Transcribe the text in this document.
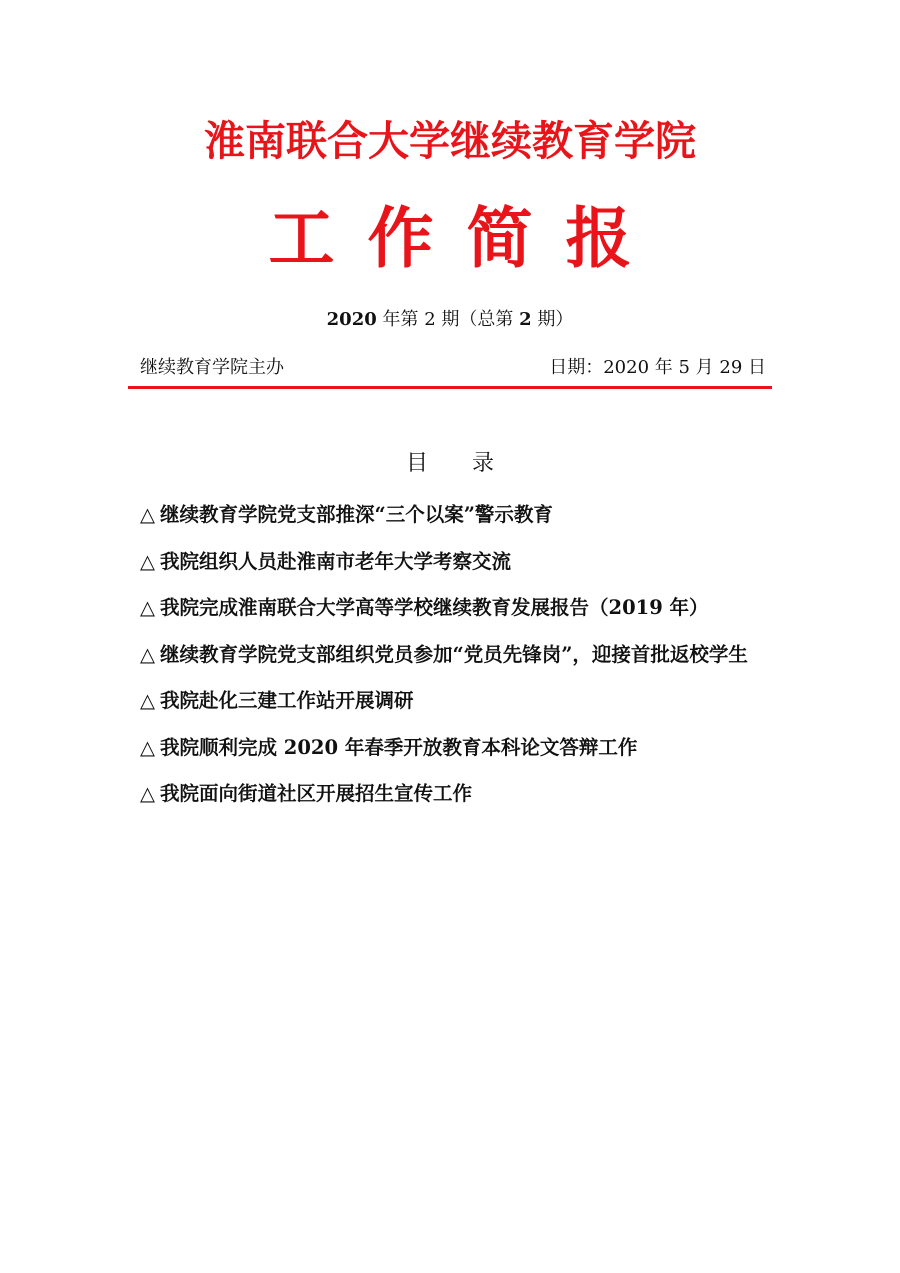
淮南联合大学继续教育学院
工作简报
2020 年第 2 期（总第 2 期）
继续教育学院主办	日期：2020 年 5 月 29 日
目录
△ 继续教育学院党支部推深“三个以案”警示教育
△ 我院组织人员赴淮南市老年大学考察交流
△ 我院完成淮南联合大学高等学校继续教育发展报告（2019 年）
△ 继续教育学院党支部组织党员参加“党员先锋岗”，迎接首批返校学生
△ 我院赴化三建工作站开展调研
△ 我院顺利完成 2020 年春季开放教育本科论文答辩工作
△ 我院面向街道社区开展招生宣传工作
